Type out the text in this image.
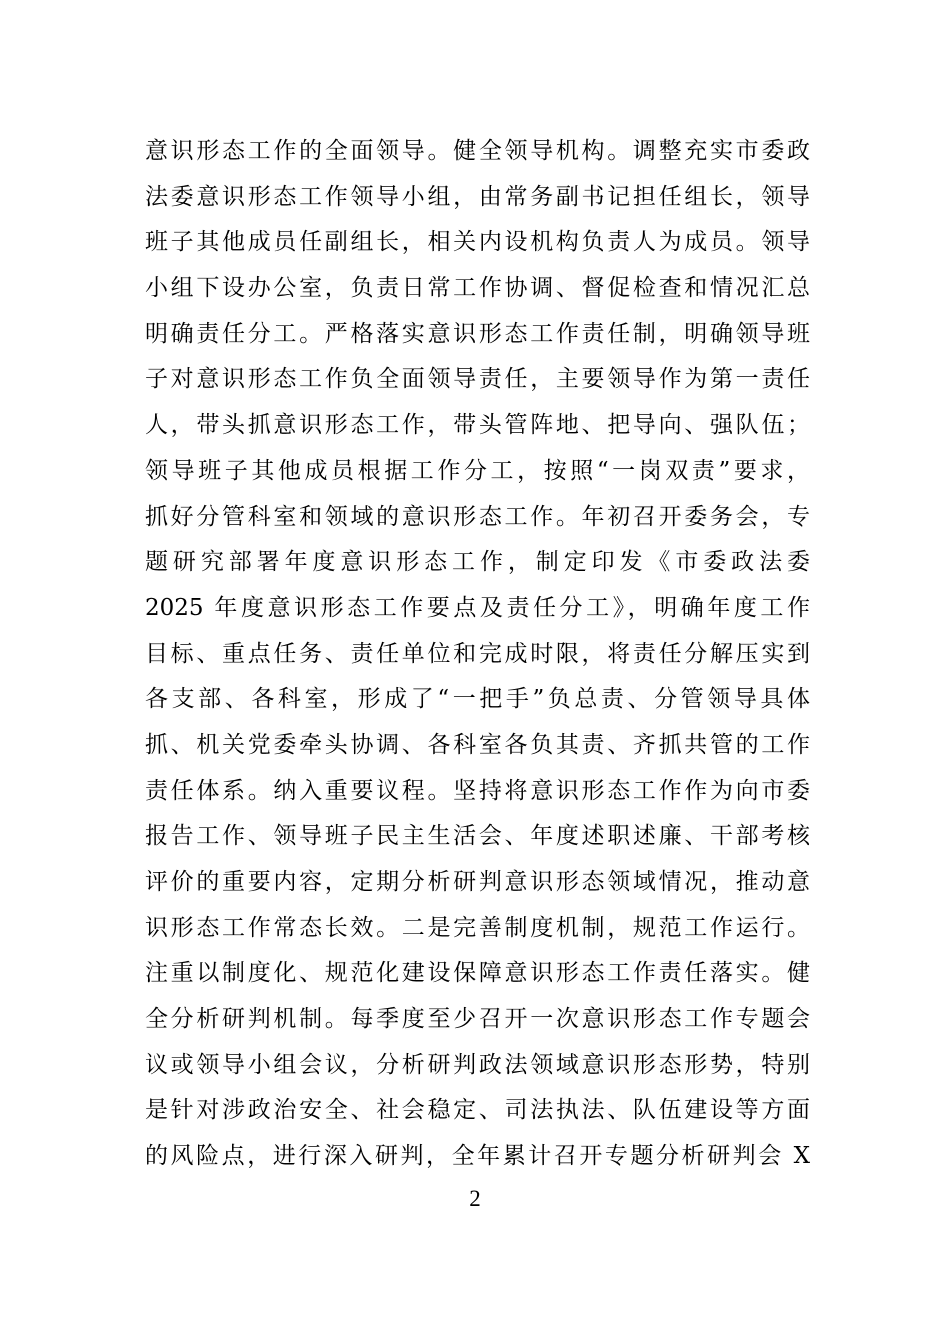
意识形态工作的全面领导。健全领导机构。调整充实市委政
法委意识形态工作领导小组，由常务副书记担任组长，领导
班子其他成员任副组长，相关内设机构负责人为成员。领导
小组下设办公室，负责日常工作协调、督促检查和情况汇总
明确责任分工。严格落实意识形态工作责任制，明确领导班
子对意识形态工作负全面领导责任，主要领导作为第一责任
人，带头抓意识形态工作，带头管阵地、把导向、强队伍；
领导班子其他成员根据工作分工，按照“一岗双责”要求，
抓好分管科室和领域的意识形态工作。年初召开委务会，专
题研究部署年度意识形态工作，制定印发《市委政法委
2025 年度意识形态工作要点及责任分工》，明确年度工作
目标、重点任务、责任单位和完成时限，将责任分解压实到
各支部、各科室，形成了“一把手”负总责、分管领导具体
抓、机关党委牵头协调、各科室各负其责、齐抓共管的工作
责任体系。纳入重要议程。坚持将意识形态工作作为向市委
报告工作、领导班子民主生活会、年度述职述廉、干部考核
评价的重要内容，定期分析研判意识形态领域情况，推动意
识形态工作常态长效。二是完善制度机制，规范工作运行。
注重以制度化、规范化建设保障意识形态工作责任落实。健
全分析研判机制。每季度至少召开一次意识形态工作专题会
议或领导小组会议，分析研判政法领域意识形态形势，特别
是针对涉政治安全、社会稳定、司法执法、队伍建设等方面
的风险点，进行深入研判，全年累计召开专题分析研判会 X
2
